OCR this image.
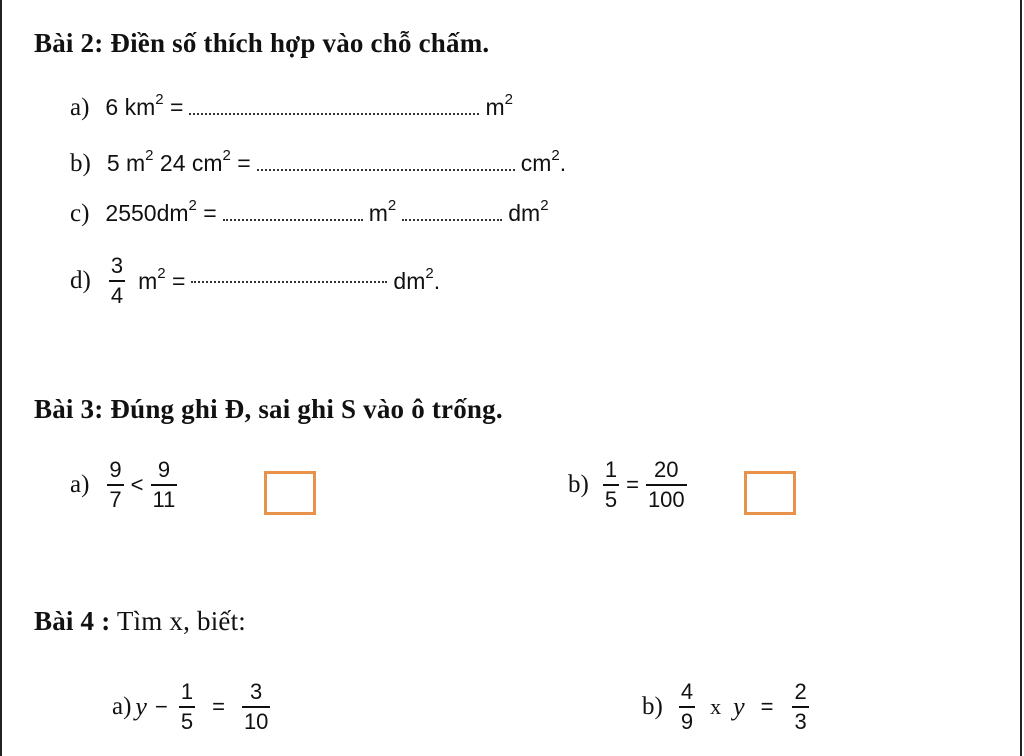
Bài 2: Điền số thích hợp vào chỗ chấm.
a) 6 $km^2$ =	$m^2$
b) 5 $m^2$ 24 $cm^2$ =	$cm^2$.
c) $2550dm^2$ =	$m^2$	$dm^2$
$d) \frac{3}{4} m^2$ =	$dm^2$.
Bài 3: Đúng ghi Đ, sai ghi S vào ô trống.
$a) \frac{9}{7} < \frac{9}{11}$	$b) \frac{1}{5} = \frac{20}{100}$
Bài 4 : Tìm x, biết:
a) $y - \frac{1}{5} = \frac{3}{10}$	$b) \frac{4}{9}$ x $y = \frac{2}{3}$
